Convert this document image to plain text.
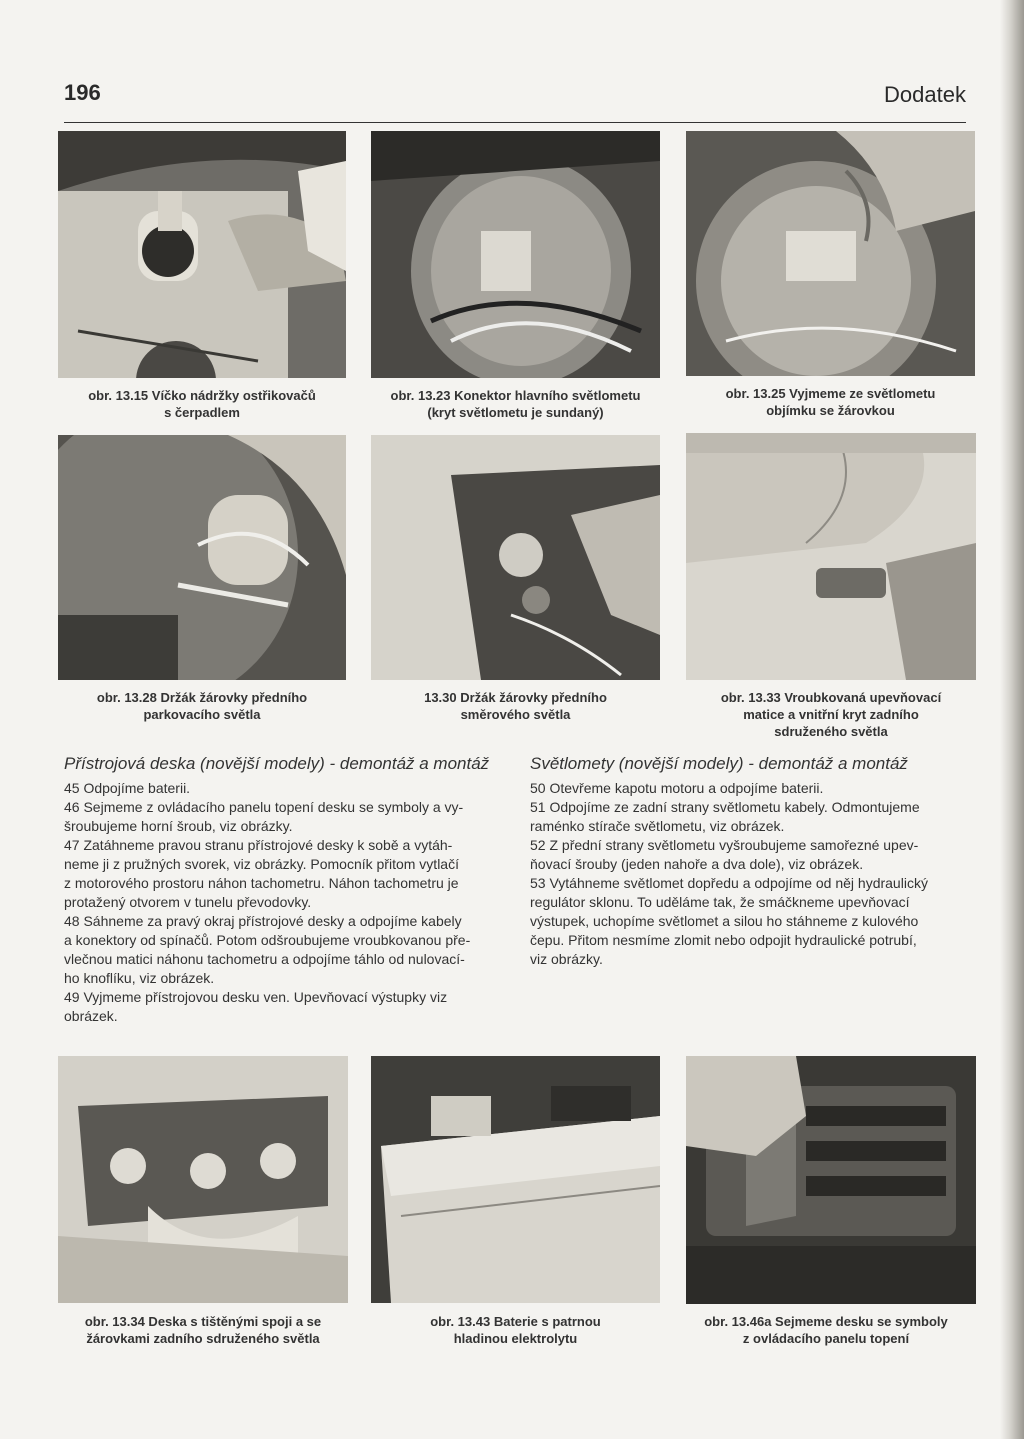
196	Dodatek
obr. 13.15 Víčko nádržky ostřikovačů
s čerpadlem
obr. 13.23 Konektor hlavního světlometu
(kryt světlometu je sundaný)
obr. 13.25 Vyjmeme ze světlometu
objímku se žárovkou
obr. 13.28 Držák žárovky předního
parkovacího světla
13.30 Držák žárovky předního
směrového světla
obr. 13.33 Vroubkovaná upevňovací
matice a vnitřní kryt zadního
sdruženého světla
Přístrojová deska (novější modely) - demontáž a montáž

45 Odpojíme baterii.

46 Sejmeme z ovládacího panelu topení desku se symboly a vy-
šroubujeme horní šroub, viz obrázky.

47 Zatáhneme pravou stranu přístrojové desky k sobě a vytáh-
neme ji z pružných svorek, viz obrázky. Pomocník přitom vytlačí
z motorového prostoru náhon tachometru. Náhon tachometru je
protažený otvorem v tunelu převodovky.

48 Sáhneme za pravý okraj přístrojové desky a odpojíme kabely
a konektory od spínačů. Potom odšroubujeme vroubkovanou pře-
vlečnou matici náhonu tachometru a odpojíme táhlo od nulovací-
ho knoflíku, viz obrázek.

49 Vyjmeme přístrojovou desku ven. Upevňovací výstupky viz
obrázek.

Světlomety (novější modely) - demontáž a montáž

50 Otevřeme kapotu motoru a odpojíme baterii.

51 Odpojíme ze zadní strany světlometu kabely. Odmontujeme
raménko stírače světlometu, viz obrázek.

52 Z přední strany světlometu vyšroubujeme samořezné upev-
ňovací šrouby (jeden nahoře a dva dole), viz obrázek.

53 Vytáhneme světlomet dopředu a odpojíme od něj hydraulický
regulátor sklonu. To uděláme tak, že smáčkneme upevňovací
výstupek, uchopíme světlomet a silou ho stáhneme z kulového
čepu. Přitom nesmíme zlomit nebo odpojit hydraulické potrubí,
viz obrázky.

obr. 13.34 Deska s tištěnými spoji a se
žárovkami zadního sdruženého světla
obr. 13.43 Baterie s patrnou
hladinou elektrolytu
obr. 13.46a Sejmeme desku se symboly
z ovládacího panelu topení
